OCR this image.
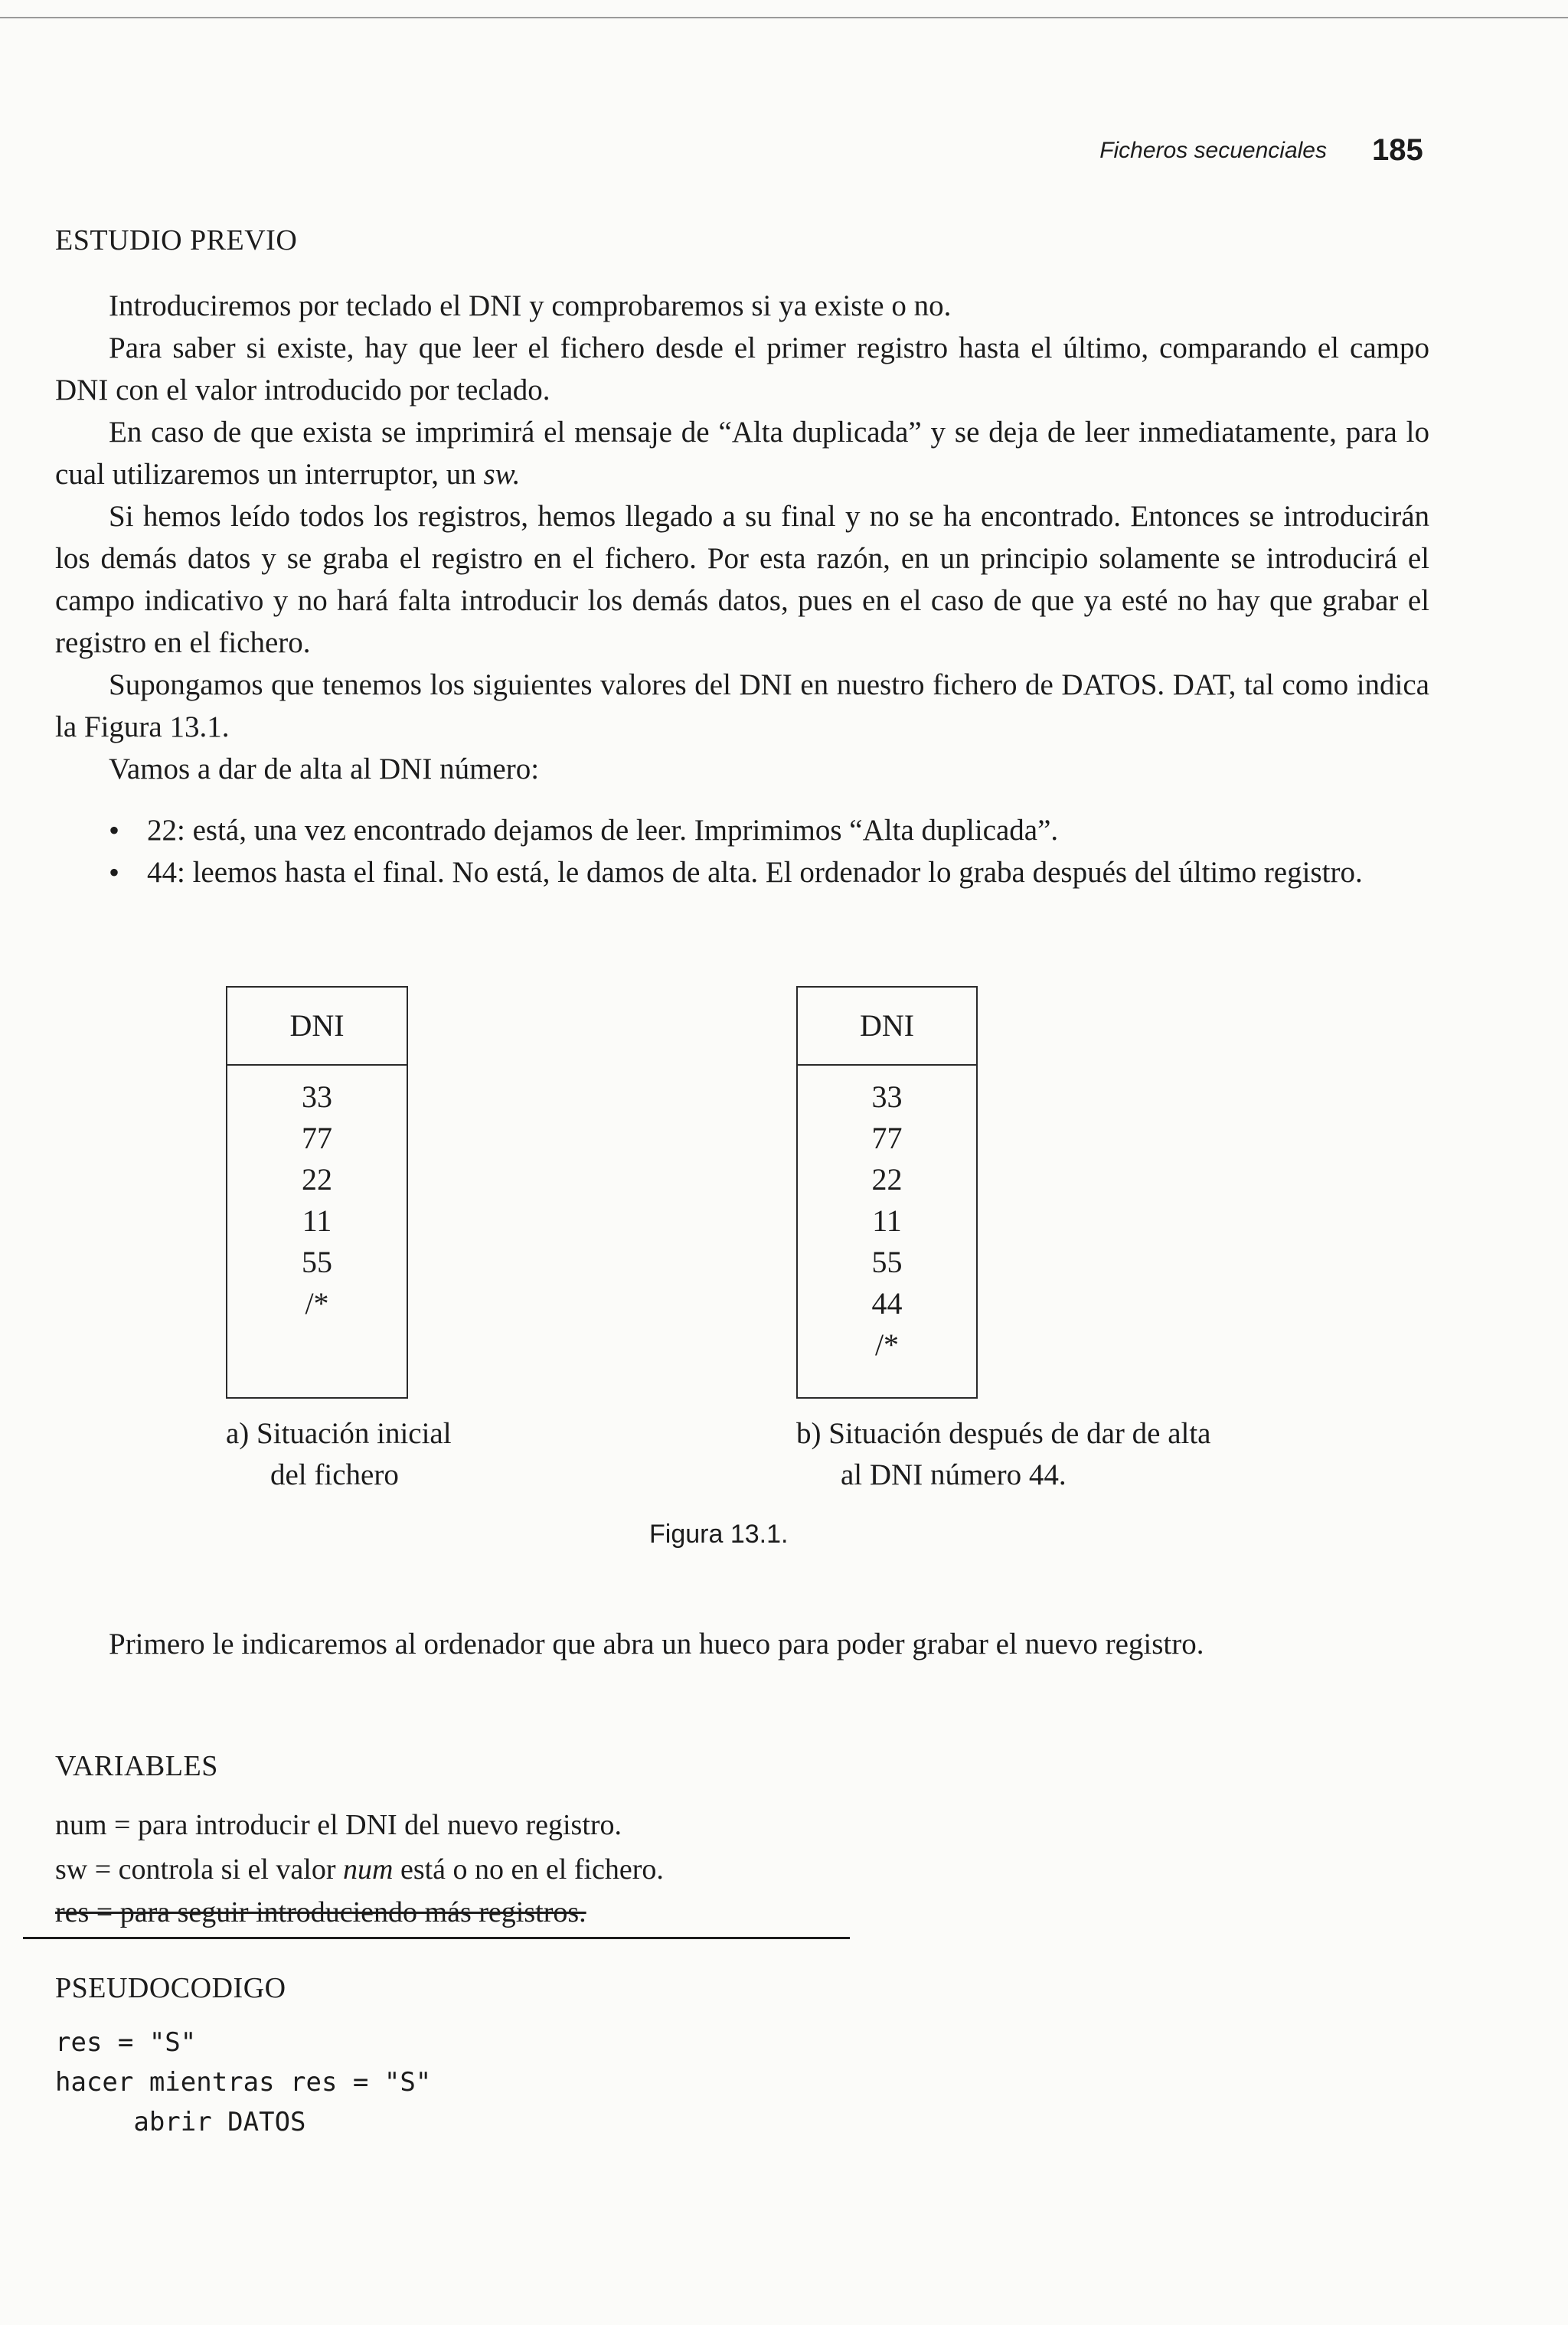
Ficheros secuenciales 185
ESTUDIO PREVIO

Introduciremos por teclado el DNI y comprobaremos si ya existe o no.

Para saber si existe, hay que leer el fichero desde el primer registro hasta el último, comparando el campo DNI con el valor introducido por teclado.

En caso de que exista se imprimirá el mensaje de “Alta duplicada” y se deja de leer inmediatamente, para lo cual utilizaremos un interruptor, un sw.

Si hemos leído todos los registros, hemos llegado a su final y no se ha encontrado. Entonces se introducirán los demás datos y se graba el registro en el fichero. Por esta razón, en un principio solamente se introducirá el campo indicativo y no hará falta introducir los demás datos, pues en el caso de que ya esté no hay que grabar el registro en el fichero.

Supongamos que tenemos los siguientes valores del DNI en nuestro fichero de DATOS. DAT, tal como indica la Figura 13.1.

Vamos a dar de alta al DNI número:

• 22: está, una vez encontrado dejamos de leer. Imprimimos “Alta duplicada”.
• 44: leemos hasta el final. No está, le damos de alta. El ordenador lo graba después del último registro.
DNI
33
77
22
11
55
/*
DNI
33
77
22
11
55
44
/*
a) Situación inicial
del fichero
b) Situación después de dar de alta
al DNI número 44.
Figura 13.1.

Primero le indicaremos al ordenador que abra un hueco para poder grabar el nuevo registro.

VARIABLES
num = para introducir el DNI del nuevo registro.
sw = controla si el valor num está o no en el fichero.
res = para seguir introduciendo más registros.
PSEUDOCODIGO
res = "S"
hacer mientras res = "S"
abrir DATOS
